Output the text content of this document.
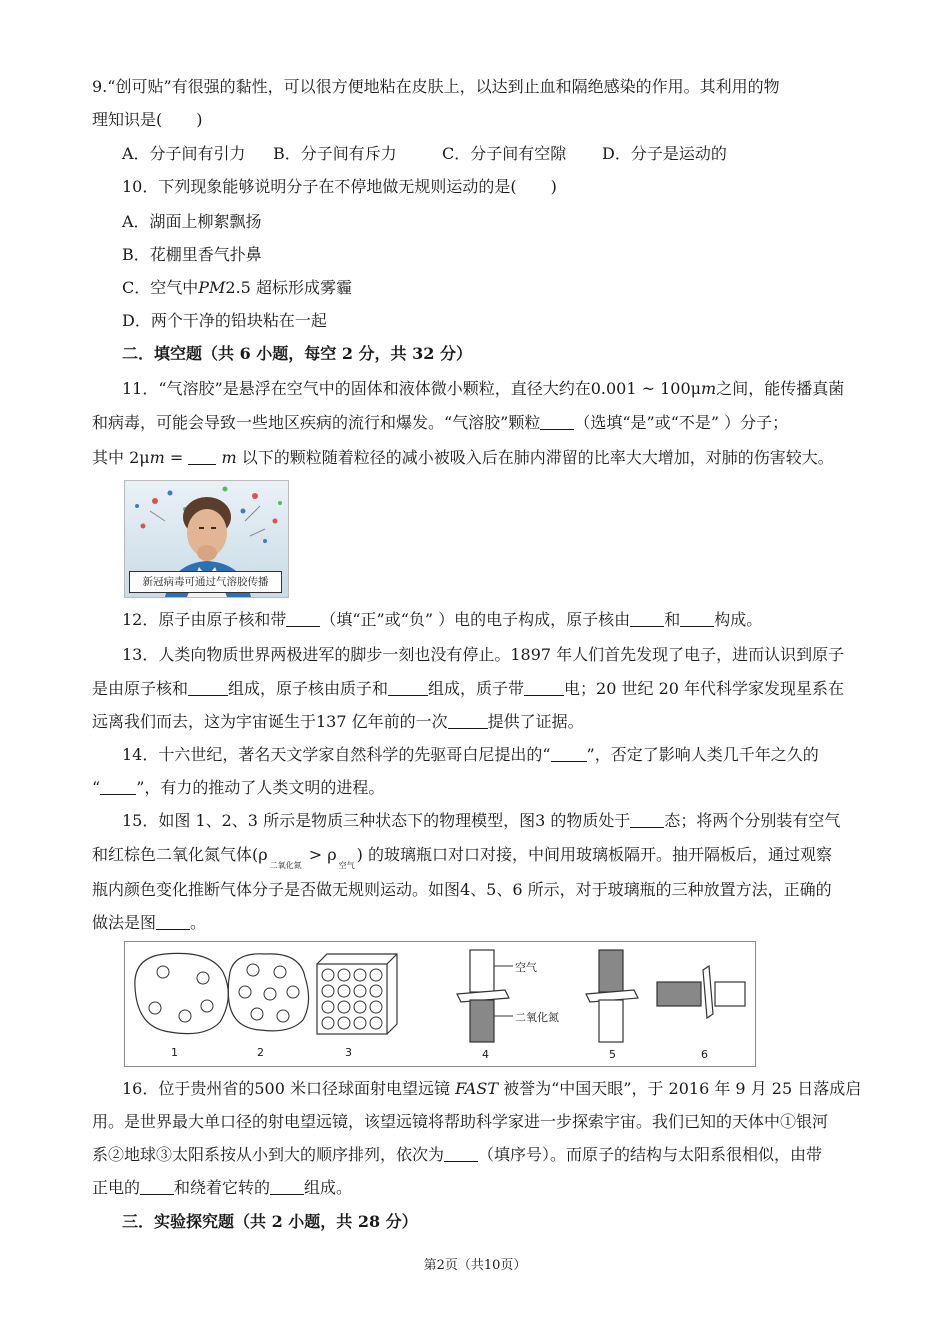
9.“创可贴”有很强的黏性，可以很方便地粘在皮肤上，以达到止血和隔绝感染的作用。其利用的物
理知识是( )
A．分子间有引力 B．分子间有斥力	C．分子间有空隙 D．分子是运动的
10．下列现象能够说明分子在不停地做无规则运动的是( )
A．湖面上柳絮飘扬
B．花棚里香气扑鼻
C．空气中PM2.5 超标形成雾霾
D．两个干净的铅块粘在一起
二．填空题（共 6 小题，每空 2 分，共 32 分）
11．“气溶胶”是悬浮在空气中的固体和液体微小颗粒，直径大约在0.001 ~ 100μm之间，能传播真菌
和病毒，可能会导致一些地区疾病的流行和爆发。“气溶胶”颗粒 （选填“是”或“不是” ）分子；
其中 2μm =  m 以下的颗粒随着粒径的减小被吸入后在肺内滞留的比率大大增加，对肺的伤害较大。
新冠病毒可通过气溶胶传播
12．原子由原子核和带 （填“正”或“负” ）电的电子构成，原子核由 和 构成。
13．人类向物质世界两极进军的脚步一刻也没有停止。1897 年人们首先发现了电子，进而认识到原子
是由原子核和	组成，原子核由质子和	组成，质子带	电；20 世纪 20 年代科学家发现星系在
远离我们而去，这为宇宙诞生于137 亿年前的一次	提供了证据。
14．十六世纪，著名天文学家自然科学的先驱哥白尼提出的“ ”，否定了影响人类几千年之久的
“ ”，有力的推动了人类文明的进程。
15．如图 1、2、3 所示是物质三种状态下的物理模型，图3 的物质处于 态；将两个分别装有空气
和红棕色二氧化氮气体$(\rho_{二氧化氮} > \rho_{空气})$ 的玻璃瓶口对口对接，中间用玻璃板隔开。抽开隔板后，通过观察
瓶内颜色变化推断气体分子是否做无规则运动。如图4、5、6 所示，对于玻璃瓶的三种放置方法，正确的
做法是图 。
空气
二氧化氮
1	2	3	4	5	6
16．位于贵州省的500 米口径球面射电望远镜 FAST 被誉为“中国天眼”，于 2016 年 9 月 25 日落成启
用。是世界最大单口径的射电望远镜，该望远镜将帮助科学家进一步探索宇宙。我们已知的天体中①银河
系②地球③太阳系按从小到大的顺序排列，依次为 （填序号）。而原子的结构与太阳系很相似，由带
正电的 和绕着它转的 组成。
三．实验探究题（共 2 小题，共 28 分）
第2页（共10页）
